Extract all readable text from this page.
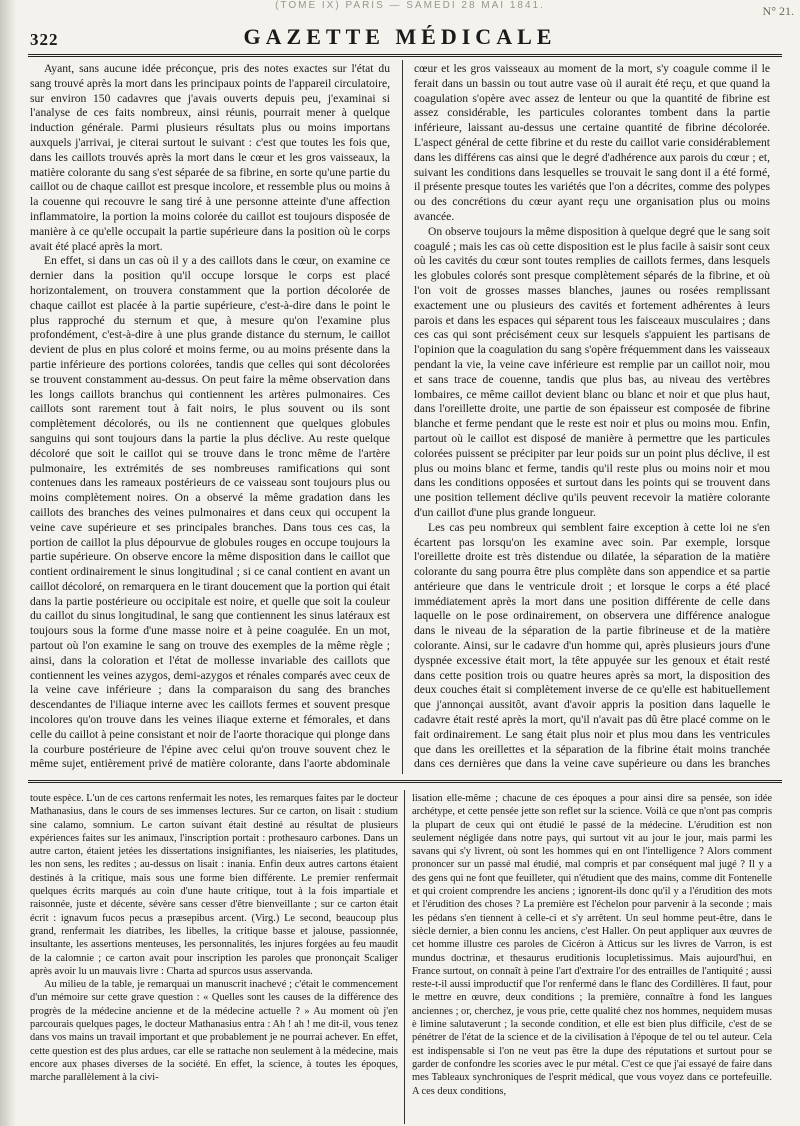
(TOME IX) PARIS — SAMEDI 28 MAI 1841.	N° 21.
322	GAZETTE MÉDICALE

Ayant, sans aucune idée préconçue, pris des notes exactes sur l'état du sang trouvé après la mort dans les principaux points de l'appareil circulatoire, sur environ 150 cadavres que j'avais ouverts depuis peu, j'examinai si l'analyse de ces faits nombreux, ainsi réunis, pourrait mener à quelque induction générale. Parmi plusieurs résultats plus ou moins importans auxquels j'arrivai, je citerai surtout le suivant : c'est que toutes les fois que, dans les caillots trouvés après la mort dans le cœur et les gros vaisseaux, la matière colorante du sang s'est séparée de sa fibrine, en sorte qu'une partie du caillot ou de chaque caillot est presque incolore, et ressemble plus ou moins à la couenne qui recouvre le sang tiré à une personne atteinte d'une affection inflammatoire, la portion la moins colorée du caillot est toujours disposée de manière à ce qu'elle occupait la partie supérieure dans la position où le corps avait été placé après la mort.

En effet, si dans un cas où il y a des caillots dans le cœur, on examine ce dernier dans la position qu'il occupe lorsque le corps est placé horizontalement, on trouvera constamment que la portion décolorée de chaque caillot est placée à la partie supérieure, c'est-à-dire dans le point le plus rapproché du sternum et que, à mesure qu'on l'examine plus profondément, c'est-à-dire à une plus grande distance du sternum, le caillot devient de plus en plus coloré et moins ferme, ou au moins présente dans la partie inférieure des portions colorées, tandis que celles qui sont décolorées se trouvent constamment au-dessus. On peut faire la même observation dans les longs caillots branchus qui contiennent les artères pulmonaires. Ces caillots sont rarement tout à fait noirs, le plus souvent ou ils sont complètement décolorés, ou ils ne contiennent que quelques globules sanguins qui sont toujours dans la partie la plus déclive. Au reste quelque décoloré que soit le caillot qui se trouve dans le tronc même de l'artère pulmonaire, les extrémités de ses nombreuses ramifications qui sont contenues dans les rameaux postérieurs de ce vaisseau sont toujours plus ou moins complètement noires. On a observé la même gradation dans les caillots des branches des veines pulmonaires et dans ceux qui occupent la veine cave supérieure et ses principales branches. Dans tous ces cas, la portion de caillot la plus dépourvue de globules rouges en occupe toujours la partie supérieure. On observe encore la même disposition dans le caillot que contient ordinairement le sinus longitudinal ; si ce canal contient en avant un caillot décoloré, on remarquera en le tirant doucement que la portion qui était dans la partie postérieure ou occipitale est noire, et quelle que soit la couleur du caillot du sinus longitudinal, le sang que contiennent les sinus latéraux est toujours sous la forme d'une masse noire et à peine coagulée. En un mot, partout où l'on examine le sang on trouve des exemples de la même règle ; ainsi, dans la coloration et l'état de mollesse invariable des caillots que contiennent les veines azygos, demi-azygos et rénales comparés avec ceux de la veine cave inférieure ; dans la comparaison du sang des branches descendantes de l'iliaque interne avec les caillots fermes et souvent presque incolores qu'on trouve dans les veines iliaque externe et fémorales, et dans celle du caillot à peine consistant et noir de l'aorte thoracique qui plonge dans la courbure postérieure de l'épine avec celui qu'on trouve souvent chez le même sujet, entièrement privé de matière colorante, dans l'aorte abdominale

cœur et les gros vaisseaux au moment de la mort, s'y coagule comme il le ferait dans un bassin ou tout autre vase où il aurait été reçu, et que quand la coagulation s'opère avec assez de lenteur ou que la quantité de fibrine est assez considérable, les particules colorantes tombent dans la partie inférieure, laissant au-dessus une certaine quantité de fibrine décolorée. L'aspect général de cette fibrine et du reste du caillot varie considérablement dans les différens cas ainsi que le degré d'adhérence aux parois du cœur ; et, suivant les conditions dans lesquelles se trouvait le sang dont il a été formé, il présente presque toutes les variétés que l'on a décrites, comme des polypes ou des concrétions du cœur ayant reçu une organisation plus ou moins avancée.

On observe toujours la même disposition à quelque degré que le sang soit coagulé ; mais les cas où cette disposition est le plus facile à saisir sont ceux où les cavités du cœur sont toutes remplies de caillots fermes, dans lesquels les globules colorés sont presque complètement séparés de la fibrine, et où l'on voit de grosses masses blanches, jaunes ou rosées remplissant exactement une ou plusieurs des cavités et fortement adhérentes à leurs parois et dans les espaces qui séparent tous les faisceaux musculaires ; dans ces cas qui sont précisément ceux sur lesquels s'appuient les partisans de l'opinion que la coagulation du sang s'opère fréquemment dans les vaisseaux pendant la vie, la veine cave inférieure est remplie par un caillot noir, mou et sans trace de couenne, tandis que plus bas, au niveau des vertèbres lombaires, ce même caillot devient blanc ou blanc et noir et que plus haut, dans l'oreillette droite, une partie de son épaisseur est composée de fibrine blanche et ferme pendant que le reste est noir et plus ou moins mou. Enfin, partout où le caillot est disposé de manière à permettre que les particules colorées puissent se précipiter par leur poids sur un point plus déclive, il est plus ou moins blanc et ferme, tandis qu'il reste plus ou moins noir et mou dans les conditions opposées et surtout dans les points qui se trouvent dans une position tellement déclive qu'ils peuvent recevoir la matière colorante d'un caillot d'une plus grande longueur.

Les cas peu nombreux qui semblent faire exception à cette loi ne s'en écartent pas lorsqu'on les examine avec soin. Par exemple, lorsque l'oreillette droite est très distendue ou dilatée, la séparation de la matière colorante du sang pourra être plus complète dans son appendice et sa partie antérieure que dans le ventricule droit ; et lorsque le corps a été placé immédiatement après la mort dans une position différente de celle dans laquelle on le pose ordinairement, on observera une différence analogue dans le niveau de la séparation de la partie fibrineuse et de la matière colorante. Ainsi, sur le cadavre d'un homme qui, après plusieurs jours d'une dyspnée excessive était mort, la tête appuyée sur les genoux et était resté dans cette position trois ou quatre heures après sa mort, la disposition des deux couches était si complètement inverse de ce qu'elle est habituellement que j'annonçai aussitôt, avant d'avoir appris la position dans laquelle le cadavre était resté après la mort, qu'il n'avait pas dû être placé comme on le fait ordinairement. Le sang était plus noir et plus mou dans les ventricules que dans les oreillettes et la séparation de la fibrine était moins tranchée dans ces dernières que dans la veine cave supérieure ou dans les branches

toute espèce. L'un de ces cartons renfermait les notes, les remarques faites par le docteur Mathanasius, dans le cours de ses immenses lectures. Sur ce carton, on lisait : studium sine calamo, somnium. Le carton suivant était destiné au résultat de plusieurs expériences faites sur les animaux, l'inscription portait : prothesauro carbones. Dans un autre carton, étaient jetées les dissertations insignifiantes, les niaiseries, les platitudes, les non sens, les redites ; au-dessus on lisait : inania. Enfin deux autres cartons étaient destinés à la critique, mais sous une forme bien différente. Le premier renfermait quelques écrits marqués au coin d'une haute critique, tout à la fois impartiale et raisonnée, juste et décente, sévère sans cesser d'être bienveillante ; sur ce carton était écrit : ignavum fucos pecus a præsepibus arcent. (Virg.) Le second, beaucoup plus grand, renfermait les diatribes, les libelles, la critique basse et jalouse, passionnée, insultante, les assertions menteuses, les personnalités, les injures forgées au feu maudit de la calomnie ; ce carton avait pour inscription les paroles que prononçait Scaliger après avoir lu un mauvais livre : Charta ad spurcos usus asservanda.

Au milieu de la table, je remarquai un manuscrit inachevé ; c'était le commencement d'un mémoire sur cette grave question : « Quelles sont les causes de la différence des progrès de la médecine ancienne et de la médecine actuelle ? » Au moment où j'en parcourais quelques pages, le docteur Mathanasius entra : Ah ! ah ! me dit-il, vous tenez dans vos mains un travail important et que probablement je ne pourrai achever. En effet, cette question est des plus ardues, car elle se rattache non seulement à la médecine, mais encore aux phases diverses de la société. En effet, la science, à toutes les époques, marche parallèlement à la civi-

lisation elle-même ; chacune de ces époques a pour ainsi dire sa pensée, son idée archétype, et cette pensée jette son reflet sur la science. Voilà ce que n'ont pas compris la plupart de ceux qui ont étudié le passé de la médecine. L'érudition est non seulement négligée dans notre pays, qui surtout vit au jour le jour, mais parmi les savans qui s'y livrent, où sont les hommes qui en ont l'intelligence ? Alors comment prononcer sur un passé mal étudié, mal compris et par conséquent mal jugé ? Il y a des gens qui ne font que feuilleter, qui n'étudient que des mains, comme dit Fontenelle et qui croient comprendre les anciens ; ignorent-ils donc qu'il y a l'érudition des mots et l'érudition des choses ? La première est l'échelon pour parvenir à la seconde ; mais les pédans s'en tiennent à celle-ci et s'y arrêtent. Un seul homme peut-être, dans le siècle dernier, a bien connu les anciens, c'est Haller. On peut appliquer aux œuvres de cet homme illustre ces paroles de Cicéron à Atticus sur les livres de Varron, is est mundus doctrinæ, et thesaurus eruditionis locupletissimus. Mais aujourd'hui, en France surtout, on connaît à peine l'art d'extraire l'or des entrailles de l'antiquité ; aussi reste-t-il aussi improductif que l'or renfermé dans le flanc des Cordillères. Il faut, pour le mettre en œuvre, deux conditions ; la première, connaître à fond les langues anciennes ; or, cherchez, je vous prie, cette qualité chez nos hommes, nequidem musas è limine salutaverunt ; la seconde condition, et elle est bien plus difficile, c'est de se pénétrer de l'état de la science et de la civilisation à l'époque de tel ou tel auteur. Cela est indispensable si l'on ne veut pas être la dupe des réputations et surtout pour se garder de confondre les scories avec le pur métal. C'est ce que j'ai essayé de faire dans mes Tableaux synchroniques de l'esprit médical, que vous voyez dans ce portefeuille. A ces deux conditions,
